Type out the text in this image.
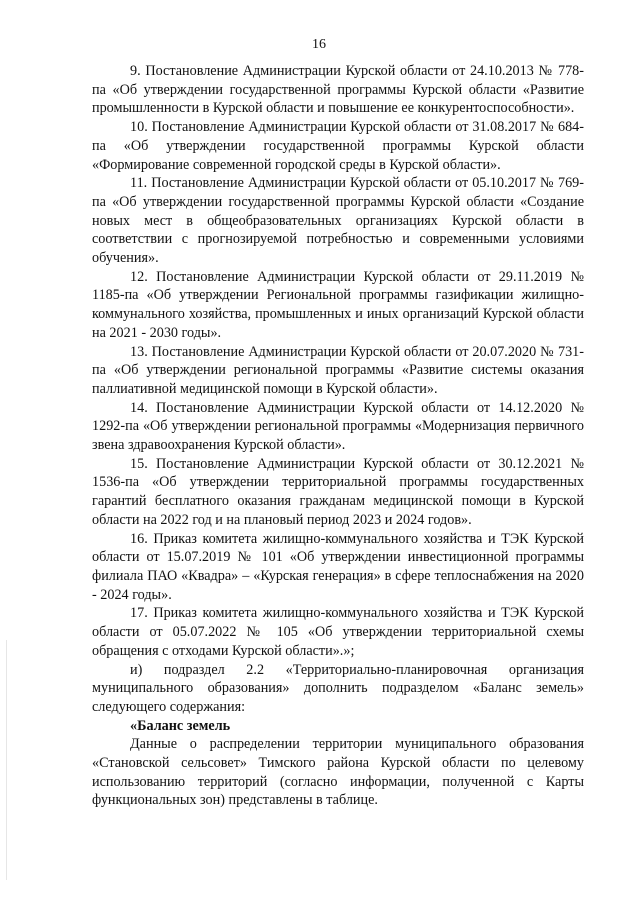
16

9. Постановление Администрации Курской области от 24.10.2013 № 778-па «Об утверждении государственной программы Курской области «Развитие промышленности в Курской области и повышение ее конкурентоспособности».

10. Постановление Администрации Курской области от 31.08.2017 № 684-па «Об утверждении государственной программы Курской области «Формирование современной городской среды в Курской области».

11. Постановление Администрации Курской области от 05.10.2017 № 769-па «Об утверждении государственной программы Курской области «Создание новых мест в общеобразовательных организациях Курской области в соответствии с прогнозируемой потребностью и современными условиями обучения».

12. Постановление Администрации Курской области от 29.11.2019 № 1185-па «Об утверждении Региональной программы газификации жилищно-коммунального хозяйства, промышленных и иных организаций Курской области на 2021 - 2030 годы».

13. Постановление Администрации Курской области от 20.07.2020 № 731-па «Об утверждении региональной программы «Развитие системы оказания паллиативной медицинской помощи в Курской области».

14. Постановление Администрации Курской области от 14.12.2020 № 1292-па «Об утверждении региональной программы «Модернизация первичного звена здравоохранения Курской области».

15. Постановление Администрации Курской области от 30.12.2021 № 1536-па «Об утверждении территориальной программы государственных гарантий бесплатного оказания гражданам медицинской помощи в Курской области на 2022 год и на плановый период 2023 и 2024 годов».

16. Приказ комитета жилищно-коммунального хозяйства и ТЭК Курской области от 15.07.2019 № 101 «Об утверждении инвестиционной программы филиала ПАО «Квадра» – «Курская генерация» в сфере теплоснабжения на 2020 - 2024 годы».

17. Приказ комитета жилищно-коммунального хозяйства и ТЭК Курской области от 05.07.2022 № 105 «Об утверждении территориальной схемы обращения с отходами Курской области».»;

и) подраздел 2.2 «Территориально-планировочная организация муниципального образования» дополнить подразделом «Баланс земель» следующего содержания:

«Баланс земель

Данные о распределении территории муниципального образования «Становской сельсовет» Тимского района Курской области по целевому использованию территорий (согласно информации, полученной с Карты функциональных зон) представлены в таблице.
